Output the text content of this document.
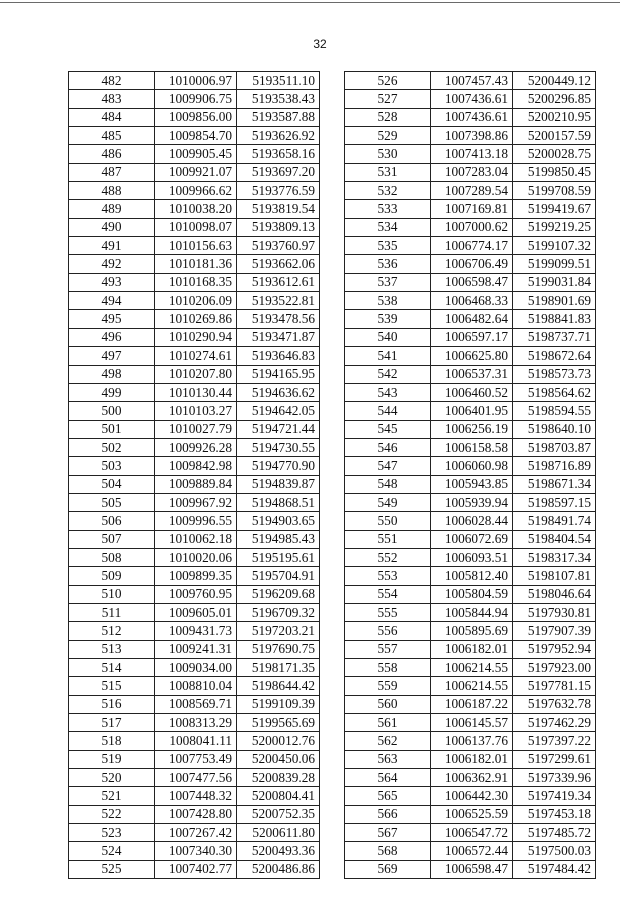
32
482	1010006.97	5193511.10
483	1009906.75	5193538.43
484	1009856.00	5193587.88
485	1009854.70	5193626.92
486	1009905.45	5193658.16
487	1009921.07	5193697.20
488	1009966.62	5193776.59
489	1010038.20	5193819.54
490	1010098.07	5193809.13
491	1010156.63	5193760.97
492	1010181.36	5193662.06
493	1010168.35	5193612.61
494	1010206.09	5193522.81
495	1010269.86	5193478.56
496	1010290.94	5193471.87
497	1010274.61	5193646.83
498	1010207.80	5194165.95
499	1010130.44	5194636.62
500	1010103.27	5194642.05
501	1010027.79	5194721.44
502	1009926.28	5194730.55
503	1009842.98	5194770.90
504	1009889.84	5194839.87
505	1009967.92	5194868.51
506	1009996.55	5194903.65
507	1010062.18	5194985.43
508	1010020.06	5195195.61
509	1009899.35	5195704.91
510	1009760.95	5196209.68
511	1009605.01	5196709.32
512	1009431.73	5197203.21
513	1009241.31	5197690.75
514	1009034.00	5198171.35
515	1008810.04	5198644.42
516	1008569.71	5199109.39
517	1008313.29	5199565.69
518	1008041.11	5200012.76
519	1007753.49	5200450.06
520	1007477.56	5200839.28
521	1007448.32	5200804.41
522	1007428.80	5200752.35
523	1007267.42	5200611.80
524	1007340.30	5200493.36
525	1007402.77	5200486.86
526	1007457.43	5200449.12
527	1007436.61	5200296.85
528	1007436.61	5200210.95
529	1007398.86	5200157.59
530	1007413.18	5200028.75
531	1007283.04	5199850.45
532	1007289.54	5199708.59
533	1007169.81	5199419.67
534	1007000.62	5199219.25
535	1006774.17	5199107.32
536	1006706.49	5199099.51
537	1006598.47	5199031.84
538	1006468.33	5198901.69
539	1006482.64	5198841.83
540	1006597.17	5198737.71
541	1006625.80	5198672.64
542	1006537.31	5198573.73
543	1006460.52	5198564.62
544	1006401.95	5198594.55
545	1006256.19	5198640.10
546	1006158.58	5198703.87
547	1006060.98	5198716.89
548	1005943.85	5198671.34
549	1005939.94	5198597.15
550	1006028.44	5198491.74
551	1006072.69	5198404.54
552	1006093.51	5198317.34
553	1005812.40	5198107.81
554	1005804.59	5198046.64
555	1005844.94	5197930.81
556	1005895.69	5197907.39
557	1006182.01	5197952.94
558	1006214.55	5197923.00
559	1006214.55	5197781.15
560	1006187.22	5197632.78
561	1006145.57	5197462.29
562	1006137.76	5197397.22
563	1006182.01	5197299.61
564	1006362.91	5197339.96
565	1006442.30	5197419.34
566	1006525.59	5197453.18
567	1006547.72	5197485.72
568	1006572.44	5197500.03
569	1006598.47	5197484.42
